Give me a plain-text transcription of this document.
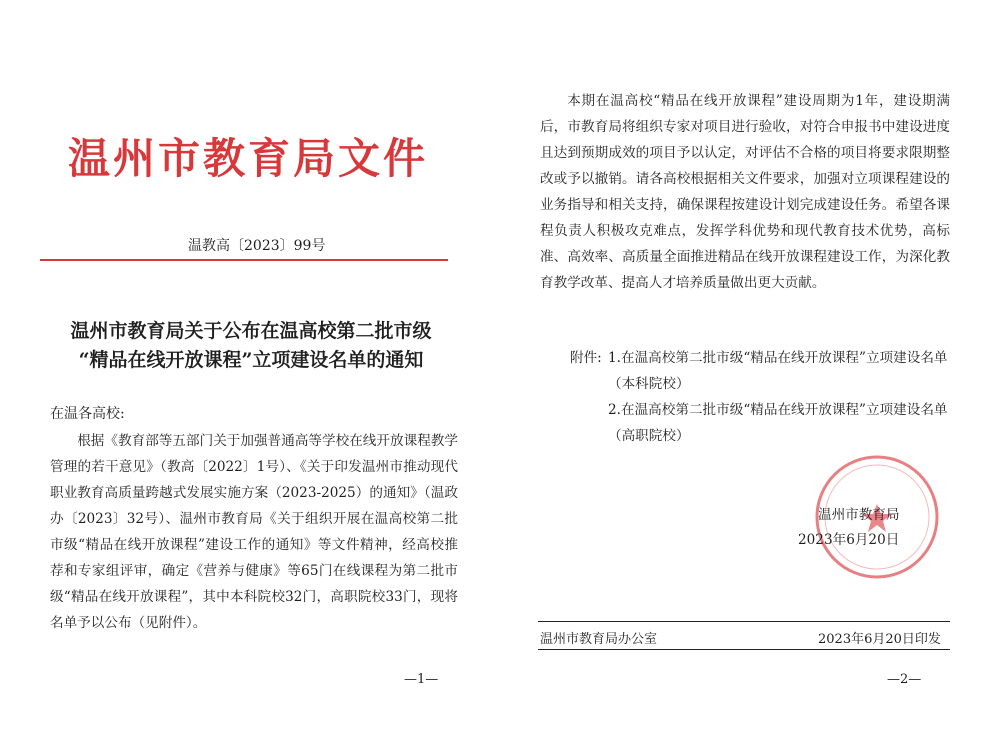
温州市教育局文件
温教高〔2023〕99号
温州市教育局关于公布在温高校第二批市级
“精品在线开放课程”立项建设名单的通知
在温各高校:
根据《教育部等五部门关于加强普通高等学校在线开放课程教学管理的若干意见》（教高〔2022〕1号）、《关于印发温州市推动现代职业教育高质量跨越式发展实施方案（2023-2025）的通知》（温政办〔2023〕32号）、温州市教育局《关于组织开展在温高校第二批市级“精品在线开放课程”建设工作的通知》等文件精神，经高校推荐和专家组评审，确定《营养与健康》等65门在线课程为第二批市级“精品在线开放课程”，其中本科院校32门，高职院校33门，现将名单予以公布（见附件）。
—1—
本期在温高校“精品在线开放课程”建设周期为1年，建设期满后，市教育局将组织专家对项目进行验收，对符合申报书中建设进度且达到预期成效的项目予以认定，对评估不合格的项目将要求限期整改或予以撤销。请各高校根据相关文件要求，加强对立项课程建设的业务指导和相关支持，确保课程按建设计划完成建设任务。希望各课程负责人积极攻克难点，发挥学科优势和现代教育技术优势，高标准、高效率、高质量全面推进精品在线开放课程建设工作，为深化教育教学改革、提高人才培养质量做出更大贡献。
附件: 1.在温高校第二批市级“精品在线开放课程”立项建设名单（本科院校）
2.在温高校第二批市级“精品在线开放课程”立项建设名单（高职院校）
温州市教育局
2023年6月20日
温州市教育局办公室	2023年6月20日印发
—2—
